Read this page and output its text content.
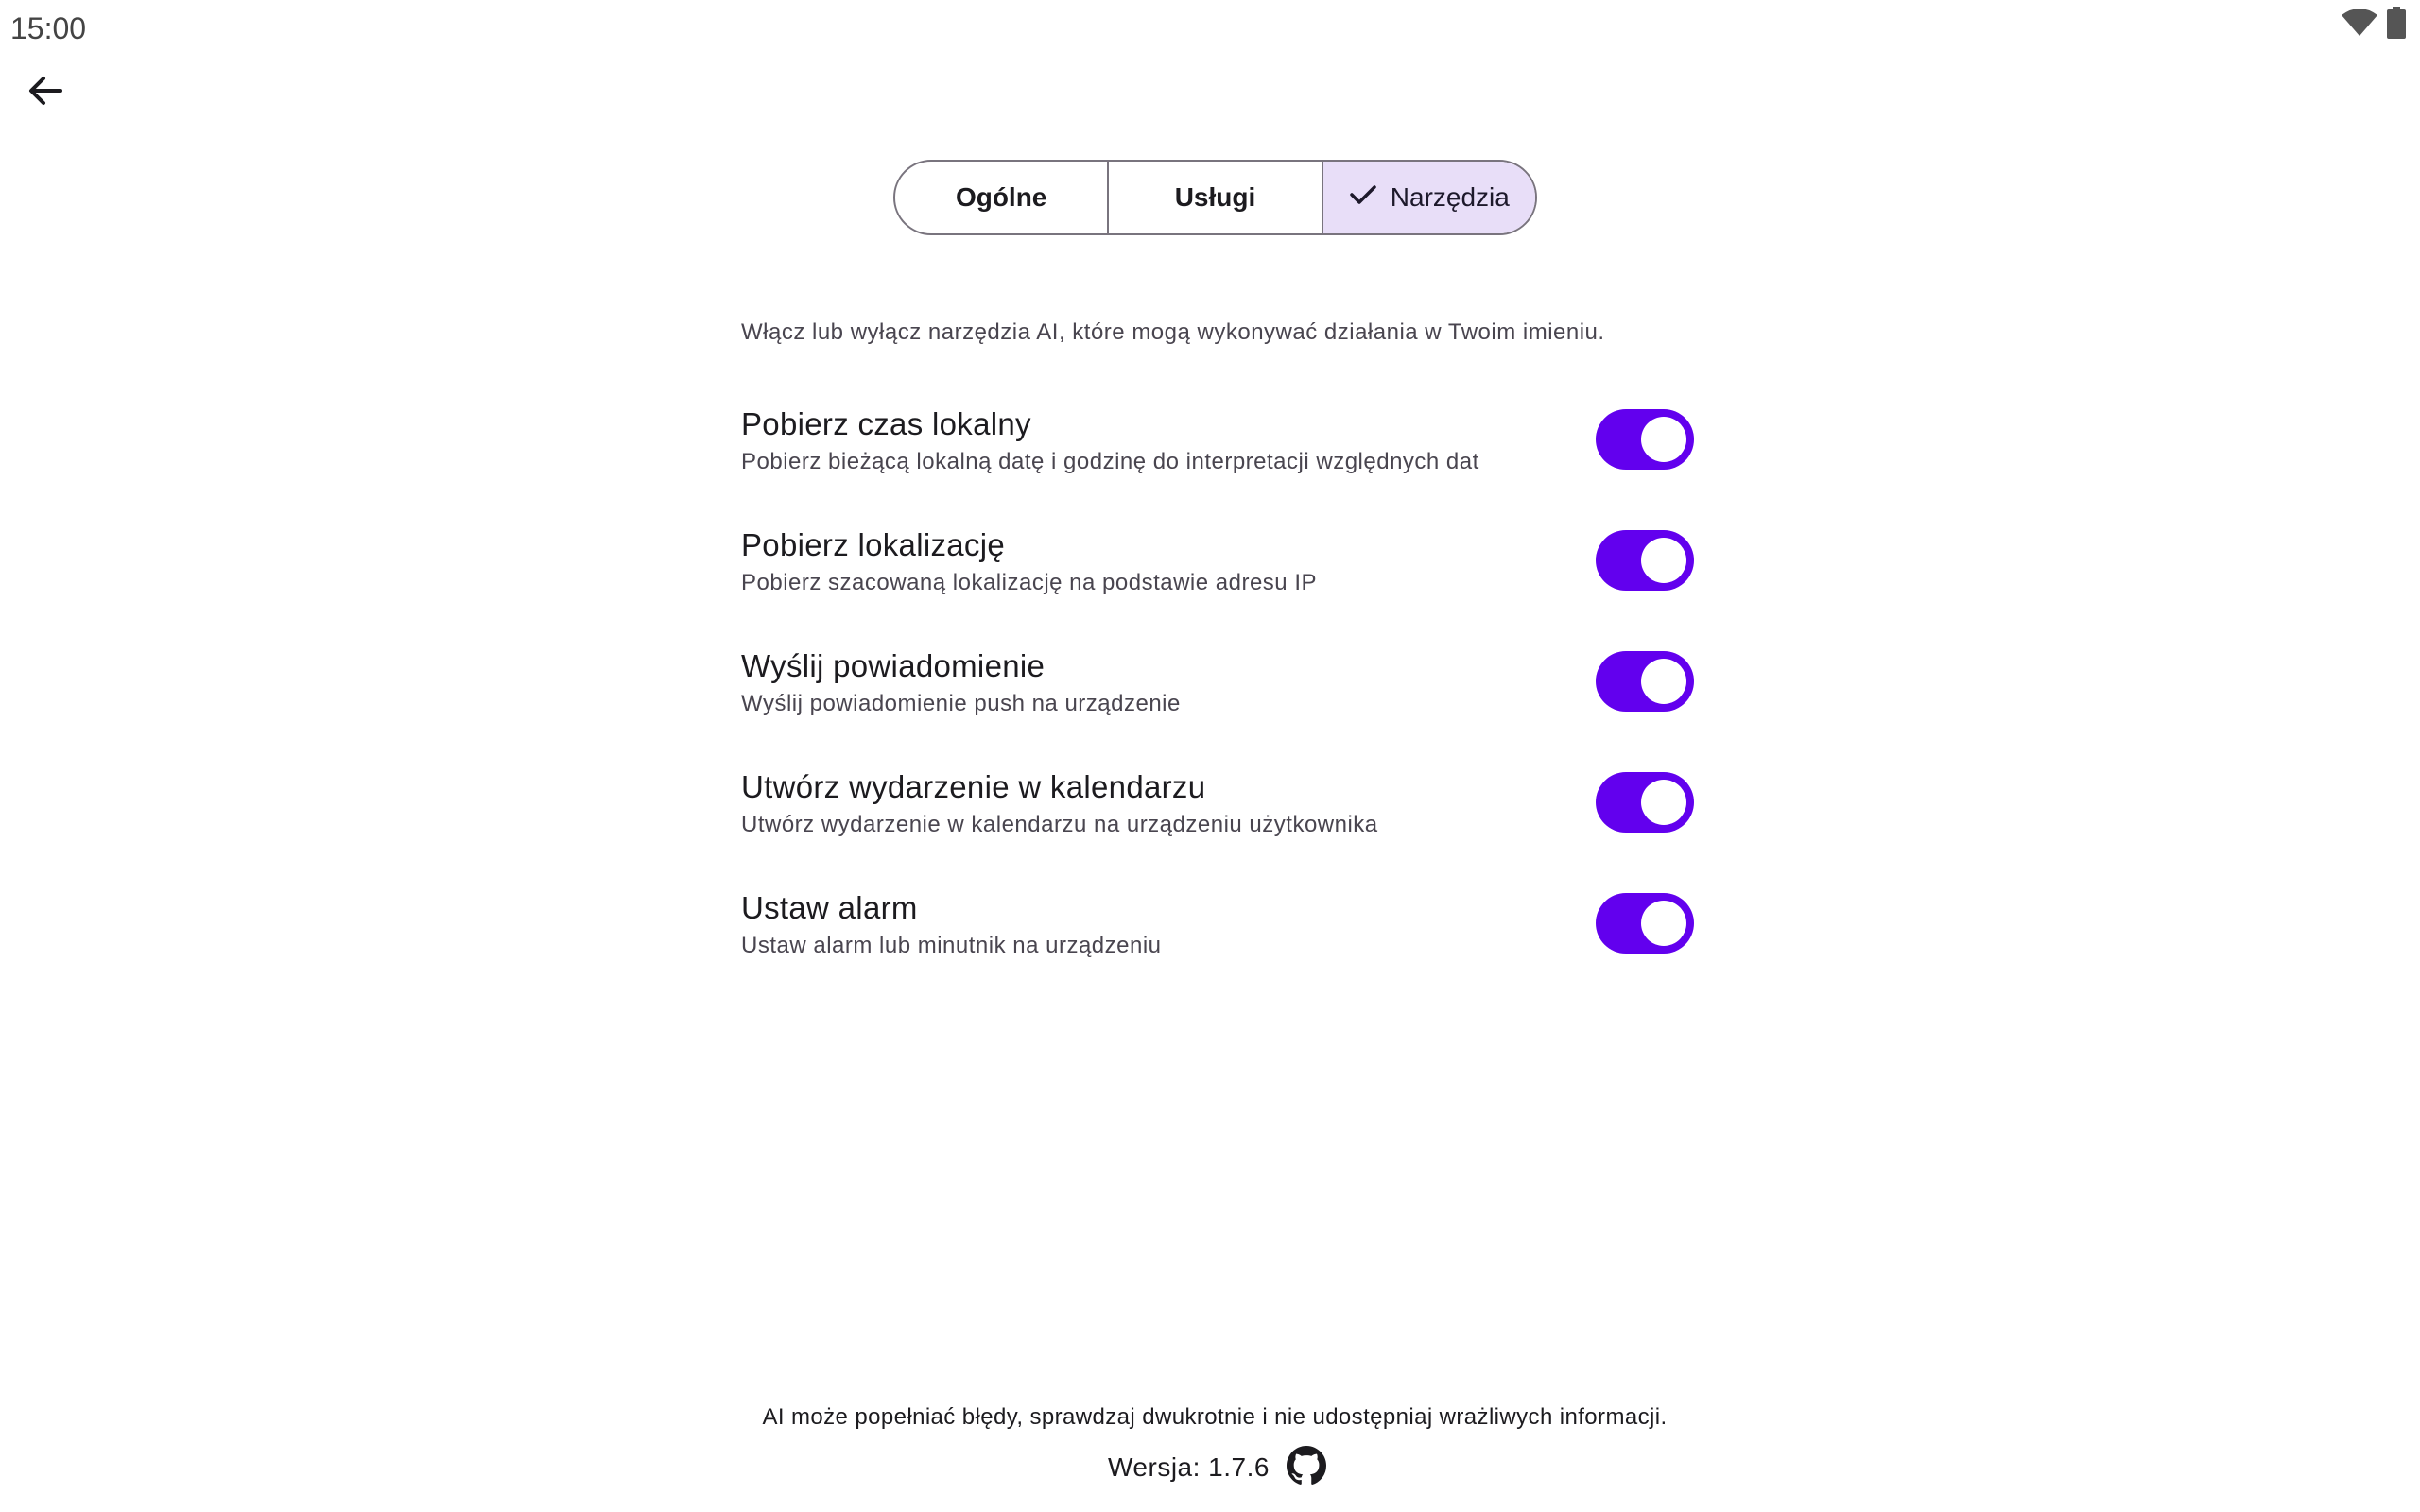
15:00
Ogólne	Usługi	Narzędzia
Włącz lub wyłącz narzędzia AI, które mogą wykonywać działania w Twoim imieniu.
Pobierz czas lokalny
Pobierz bieżącą lokalną datę i godzinę do interpretacji względnych dat
Pobierz lokalizację
Pobierz szacowaną lokalizację na podstawie adresu IP
Wyślij powiadomienie
Wyślij powiadomienie push na urządzenie
Utwórz wydarzenie w kalendarzu
Utwórz wydarzenie w kalendarzu na urządzeniu użytkownika
Ustaw alarm
Ustaw alarm lub minutnik na urządzeniu
AI może popełniać błędy, sprawdzaj dwukrotnie i nie udostępniaj wrażliwych informacji.
Wersja: 1.7.6
